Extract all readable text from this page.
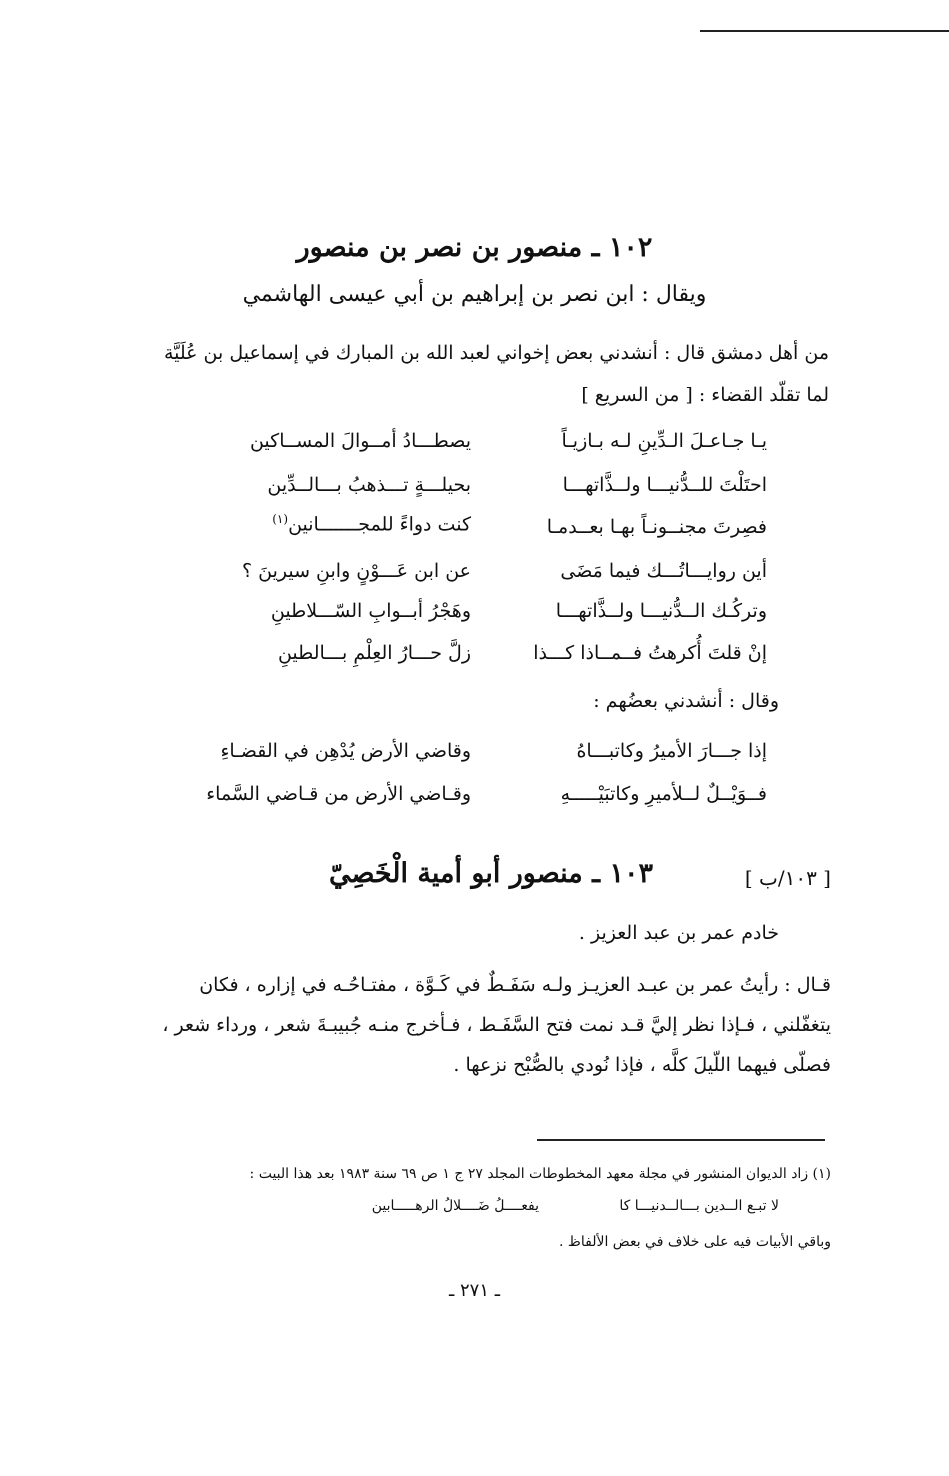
١٠٢ ـ منصور بن نصر بن منصور
ويقال : ابن نصر بن إبراهيم بن أبي عيسى الهاشمي
من أهل دمشق قال : أنشدني بعض إخواني لعبد الله بن المبارك في إسماعيل بن عُلَيَّة
لما تقلّد القضاء : [ من السريع ]
يـا جـاعـلَ الـدِّينِ لـه بـازيـاً
يصطـــادُ أمــوالَ المســاكين
احتَلْتَ للــدُّنيـــا ولــذَّاتهـــا
بحيلـــةٍ تـــذهبُ بـــالــدِّين
فصِرتَ مجنــونـاً بهـا بعــدمـا
كنت دواءً للمجـــــــانين$^{(١)}$
أين روايـــاتُـــك فيما مَضَى
عن ابن عَـــوْنٍ وابنِ سيرينَ ؟
وتركُـك الــدُّنيـــا ولــذَّاتهـــا
وهَجْرُ أبــوابِ السّـــلاطينِ
إنْ قلتَ أُكرهتُ فــمــاذا كـــذا
زلَّ حـــارُ العِلْمِ بـــالطينِ
وقال : أنشدني بعضُهم :
إذا جـــارَ الأميرُ وكاتبـــاهُ
وقاضي الأرض يُدْهِن في القضـاءِ
فــوَيْــلٌ لــلأميرِ وكاتبَيْـــــهِ
وقـاضي الأرض من قـاضي السَّماء
[ ١٠٣/ب ]
١٠٣ ـ منصور أبو أمية الْخَصِيّ
خادم عمر بن عبد العزيز .
قـال : رأيتُ عمر بن عبـد العزيـز ولـه سَفَـطٌ في كَـوَّة ، مفتـاحُـه في إزاره ، فكان
يتغفّلني ، فـإذا نظر إليَّ قـد نمت فتح السَّفَـط ، فـأخرج منـه جُبيبـةَ شعر ، ورداء شعر ،
فصلّى فيهما اللّيلَ كلَّه ، فإذا نُودي بالصُّبْح نزعها .
(١) زاد الديوان المنشور في مجلة معهد المخطوطات المجلد ٢٧ ج ١ ص ٦٩ سنة ١٩٨٣ بعد هذا البيت :
لا تبـع الــدين بـــالــدنيـــا كا
يفعــــلُ ضَــــلالُ الرهـــــابين
وباقي الأبيات فيه على خلاف في بعض الألفاظ .
ـ ٢٧١ ـ
